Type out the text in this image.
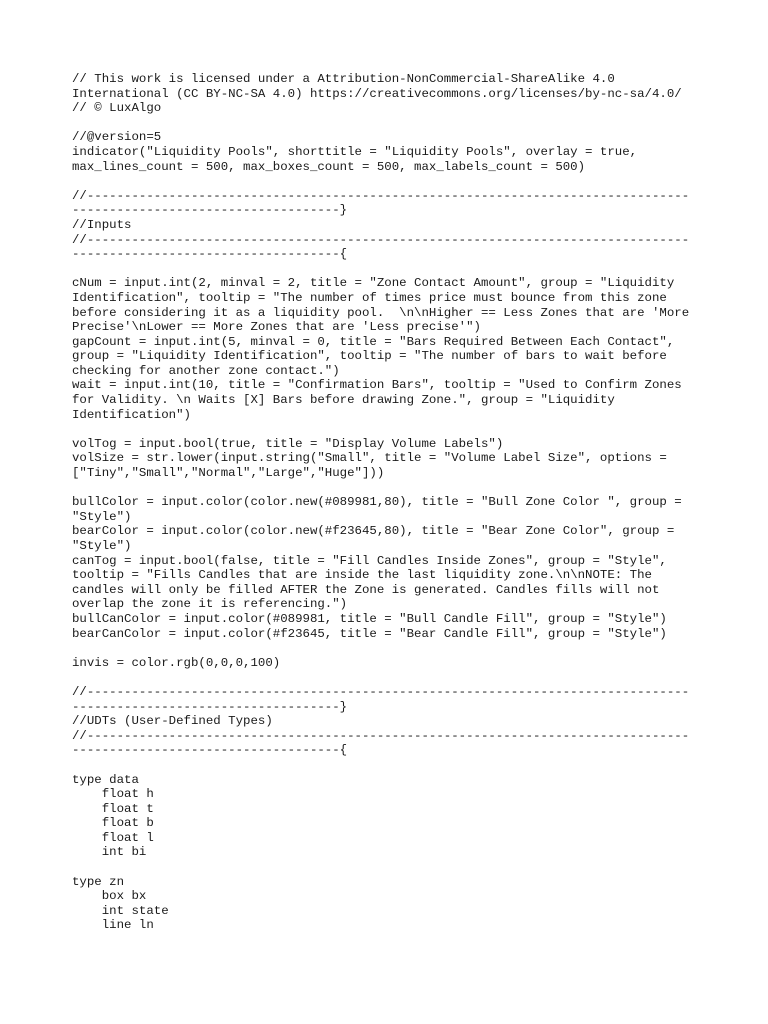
// This work is licensed under a Attribution-NonCommercial-ShareAlike 4.0
International (CC BY-NC-SA 4.0) https://creativecommons.org/licenses/by-nc-sa/4.0/
// © LuxAlgo
//@version=5
indicator("Liquidity Pools", shorttitle = "Liquidity Pools", overlay = true,
max_lines_count = 500, max_boxes_count = 500, max_labels_count = 500)
//---------------------------------------------------------------------------------
------------------------------------}
//Inputs
//---------------------------------------------------------------------------------
------------------------------------{
cNum = input.int(2, minval = 2, title = "Zone Contact Amount", group = "Liquidity
Identification", tooltip = "The number of times price must bounce from this zone
before considering it as a liquidity pool.  \n\nHigher == Less Zones that are 'More
Precise'\nLower == More Zones that are 'Less precise'")
gapCount = input.int(5, minval = 0, title = "Bars Required Between Each Contact",
group = "Liquidity Identification", tooltip = "The number of bars to wait before
checking for another zone contact.")
wait = input.int(10, title = "Confirmation Bars", tooltip = "Used to Confirm Zones
for Validity. \n Waits [X] Bars before drawing Zone.", group = "Liquidity
Identification")
volTog = input.bool(true, title = "Display Volume Labels")
volSize = str.lower(input.string("Small", title = "Volume Label Size", options =
["Tiny","Small","Normal","Large","Huge"]))
bullColor = input.color(color.new(#089981,80), title = "Bull Zone Color ", group =
"Style")
bearColor = input.color(color.new(#f23645,80), title = "Bear Zone Color", group =
"Style")
canTog = input.bool(false, title = "Fill Candles Inside Zones", group = "Style",
tooltip = "Fills Candles that are inside the last liquidity zone.\n\nNOTE: The
candles will only be filled AFTER the Zone is generated. Candles fills will not
overlap the zone it is referencing.")
bullCanColor = input.color(#089981, title = "Bull Candle Fill", group = "Style")
bearCanColor = input.color(#f23645, title = "Bear Candle Fill", group = "Style")
invis = color.rgb(0,0,0,100)
//---------------------------------------------------------------------------------
------------------------------------}
//UDTs (User-Defined Types)
//---------------------------------------------------------------------------------
------------------------------------{
type data
float h
float t
float b
float l
int bi
type zn
box bx
int state
line ln
